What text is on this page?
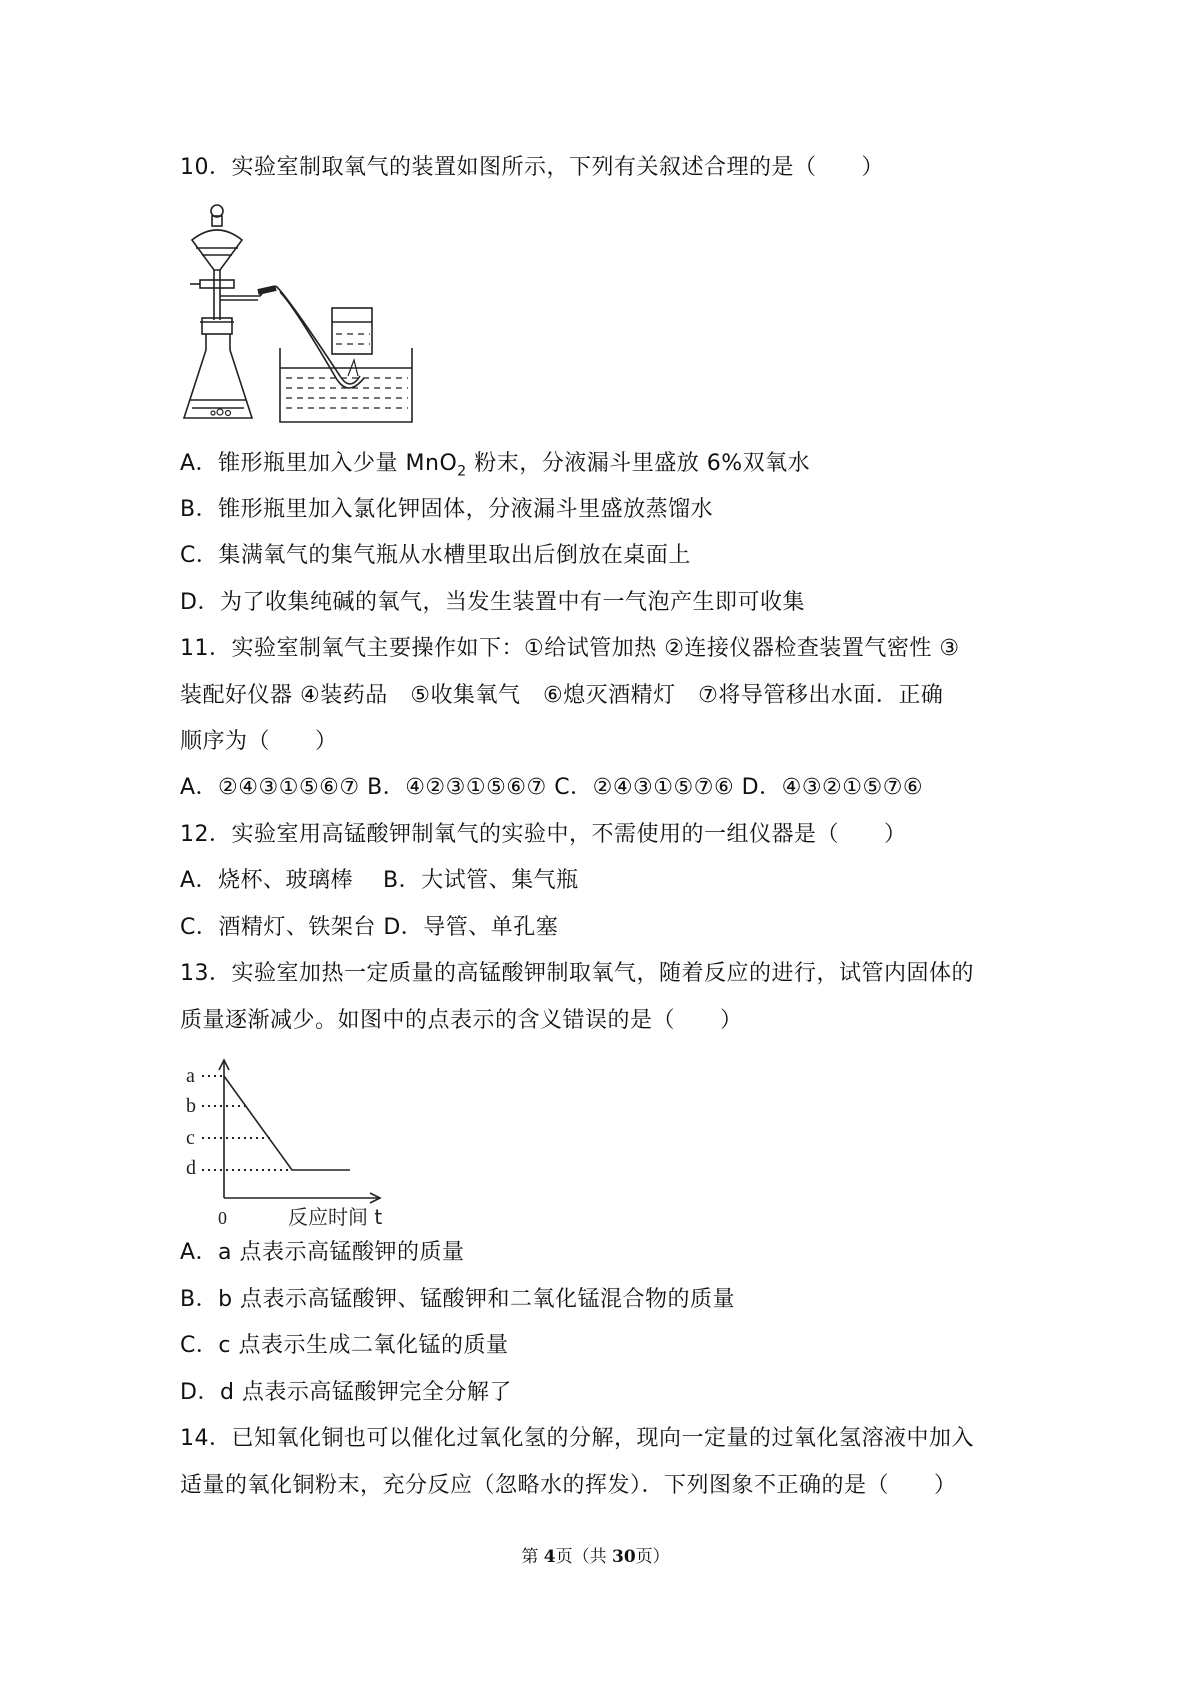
10．实验室制取氧气的装置如图所示，下列有关叙述合理的是（　　）
A．锥形瓶里加入少量 MnO$_2$ 粉末，分液漏斗里盛放 6%双氧水
B．锥形瓶里加入氯化钾固体，分液漏斗里盛放蒸馏水
C．集满氧气的集气瓶从水槽里取出后倒放在桌面上
D．为了收集纯碱的氧气，当发生装置中有一气泡产生即可收集
11．实验室制氧气主要操作如下：①给试管加热 ②连接仪器检查装置气密性 ③
装配好仪器 ④装药品　⑤收集氧气　⑥熄灭酒精灯　⑦将导管移出水面．正确
顺序为（　　）
A．②④③①⑤⑥⑦ B．④②③①⑤⑥⑦ C．②④③①⑤⑦⑥ D．④③②①⑤⑦⑥
12．实验室用高锰酸钾制氧气的实验中，不需使用的一组仪器是（　　）
A．烧杯、玻璃棒　 B．大试管、集气瓶
C．酒精灯、铁架台 D．导管、单孔塞
13．实验室加热一定质量的高锰酸钾制取氧气，随着反应的进行，试管内固体的
质量逐渐减少。如图中的点表示的含义错误的是（　　）
a
b
c
d
0	反应时间 t
A．a 点表示高锰酸钾的质量
B．b 点表示高锰酸钾、锰酸钾和二氧化锰混合物的质量
C．c 点表示生成二氧化锰的质量
D．d 点表示高锰酸钾完全分解了
14．已知氧化铜也可以催化过氧化氢的分解，现向一定量的过氧化氢溶液中加入
适量的氧化铜粉末，充分反应（忽略水的挥发）．下列图象不正确的是（　　）
第 4页（共 30页）
